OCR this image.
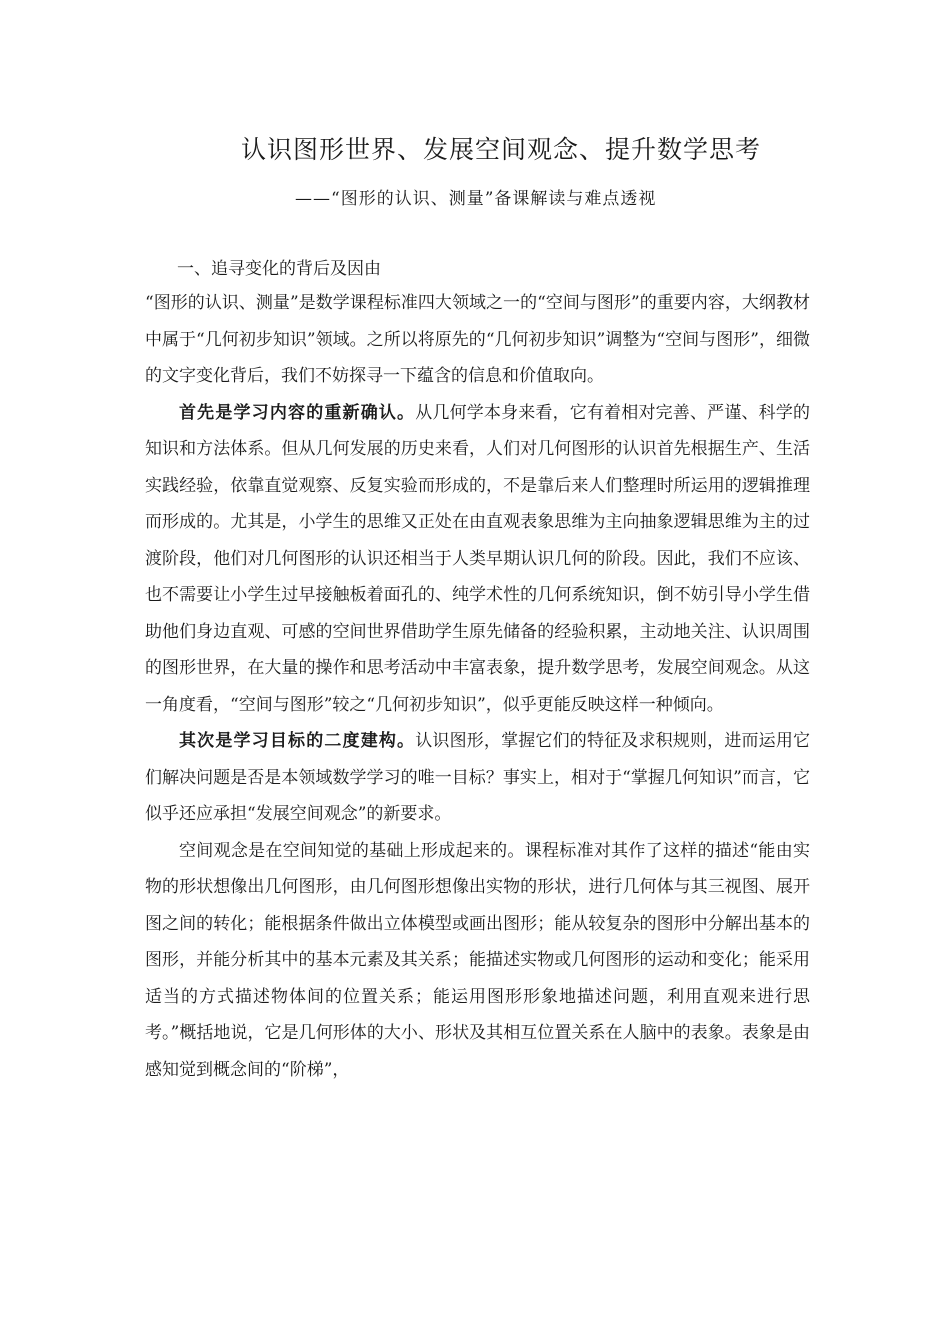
认识图形世界、发展空间观念、提升数学思考
——“图形的认识、测量”备课解读与难点透视
一、追寻变化的背后及因由

“图形的认识、测量”是数学课程标准四大领域之一的“空间与图形”的重要内容，大纲教材中属于“几何初步知识”领域。之所以将原先的“几何初步知识”调整为“空间与图形”，细微的文字变化背后，我们不妨探寻一下蕴含的信息和价值取向。

首先是学习内容的重新确认。从几何学本身来看，它有着相对完善、严谨、科学的知识和方法体系。但从几何发展的历史来看，人们对几何图形的认识首先根据生产、生活实践经验，依靠直觉观察、反复实验而形成的，不是靠后来人们整理时所运用的逻辑推理而形成的。尤其是，小学生的思维又正处在由直观表象思维为主向抽象逻辑思维为主的过渡阶段，他们对几何图形的认识还相当于人类早期认识几何的阶段。因此，我们不应该、也不需要让小学生过早接触板着面孔的、纯学术性的几何系统知识，倒不妨引导小学生借助他们身边直观、可感的空间世界借助学生原先储备的经验积累，主动地关注、认识周围的图形世界，在大量的操作和思考活动中丰富表象，提升数学思考，发展空间观念。从这一角度看，“空间与图形”较之“几何初步知识”，似乎更能反映这样一种倾向。

其次是学习目标的二度建构。认识图形，掌握它们的特征及求积规则，进而运用它们解决问题是否是本领域数学学习的唯一目标？事实上，相对于“掌握几何知识”而言，它似乎还应承担“发展空间观念”的新要求。

空间观念是在空间知觉的基础上形成起来的。课程标准对其作了这样的描述“能由实物的形状想像出几何图形，由几何图形想像出实物的形状，进行几何体与其三视图、展开图之间的转化；能根据条件做出立体模型或画出图形；能从较复杂的图形中分解出基本的图形，并能分析其中的基本元素及其关系；能描述实物或几何图形的运动和变化；能采用适当的方式描述物体间的位置关系；能运用图形形象地描述问题，利用直观来进行思考。”概括地说，它是几何形体的大小、形状及其相互位置关系在人脑中的表象。表象是由感知觉到概念间的“阶梯”，
